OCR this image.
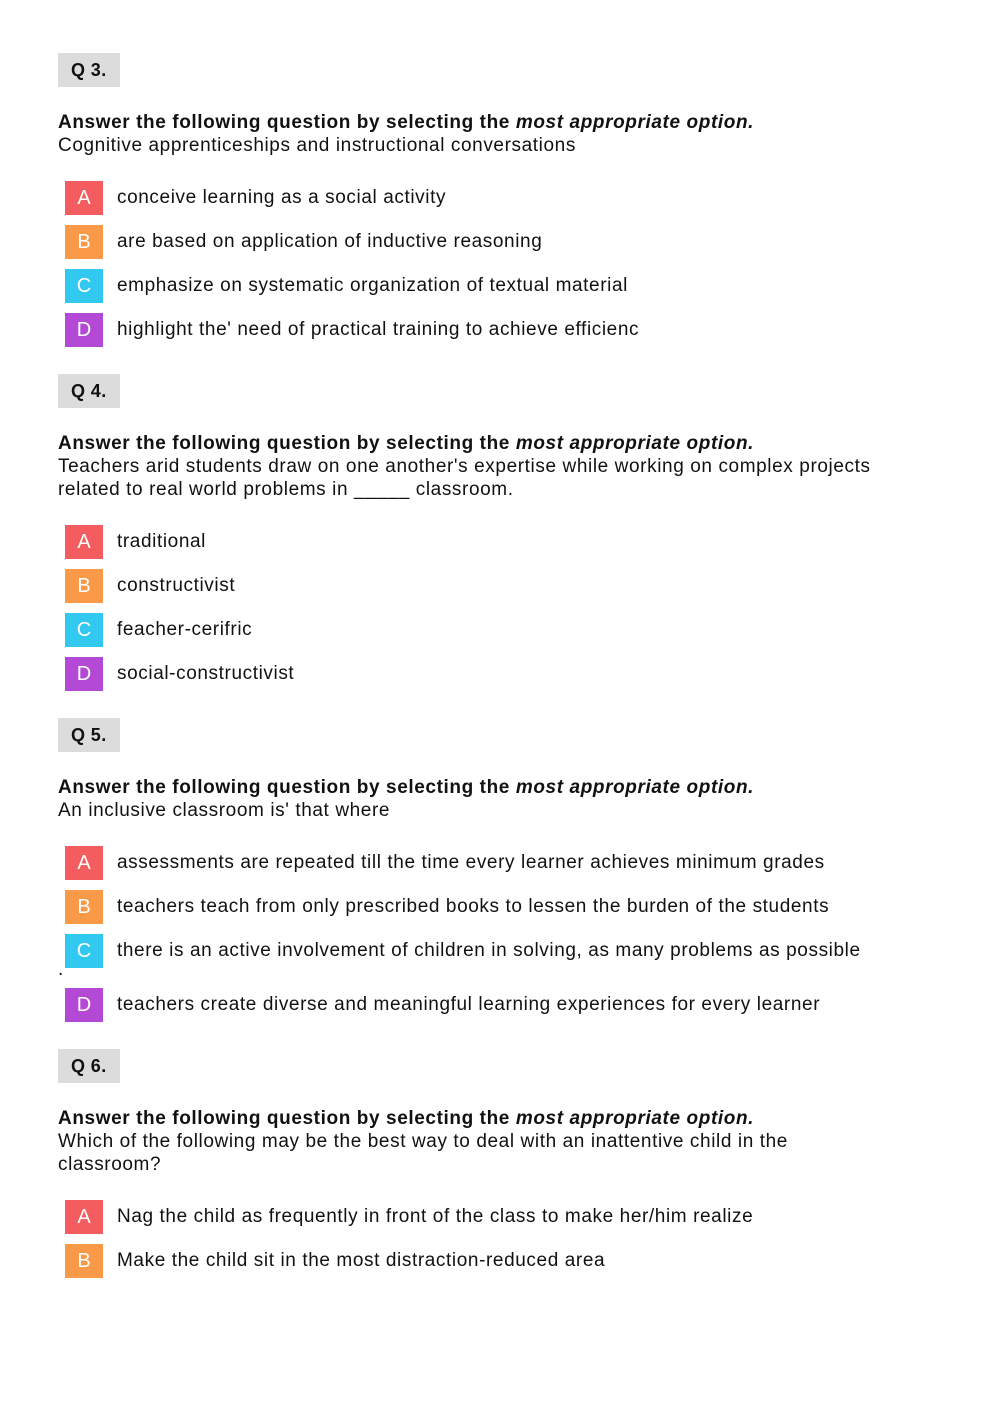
Q 3.
Answer the following question by selecting the most appropriate option.
Cognitive apprenticeships and instructional conversations
A	conceive learning as a social activity
B	are based on application of inductive reasoning
C	emphasize on systematic organization of textual material
D	highlight the' need of practical training to achieve efficienc
Q 4.
Answer the following question by selecting the most appropriate option.
Teachers arid students draw on one another's expertise while working on complex projects related to real world problems in _____ classroom.
A	traditional
B	constructivist
C	feacher-cerifric
D	social-constructivist
Q 5.
Answer the following question by selecting the most appropriate option.
An inclusive classroom is' that where
A	assessments are repeated till the time every learner achieves minimum grades
B	teachers teach from only prescribed books to lessen the burden of the students
C	there is an active involvement of children in solving, as many problems as possible
.
D	teachers create diverse and meaningful learning experiences for every learner
Q 6.
Answer the following question by selecting the most appropriate option.
Which of the following may be the best way to deal with an inattentive child in the classroom?
A	Nag the child as frequently in front of the class to make her/him realize
B	Make the child sit in the most distraction-reduced area
